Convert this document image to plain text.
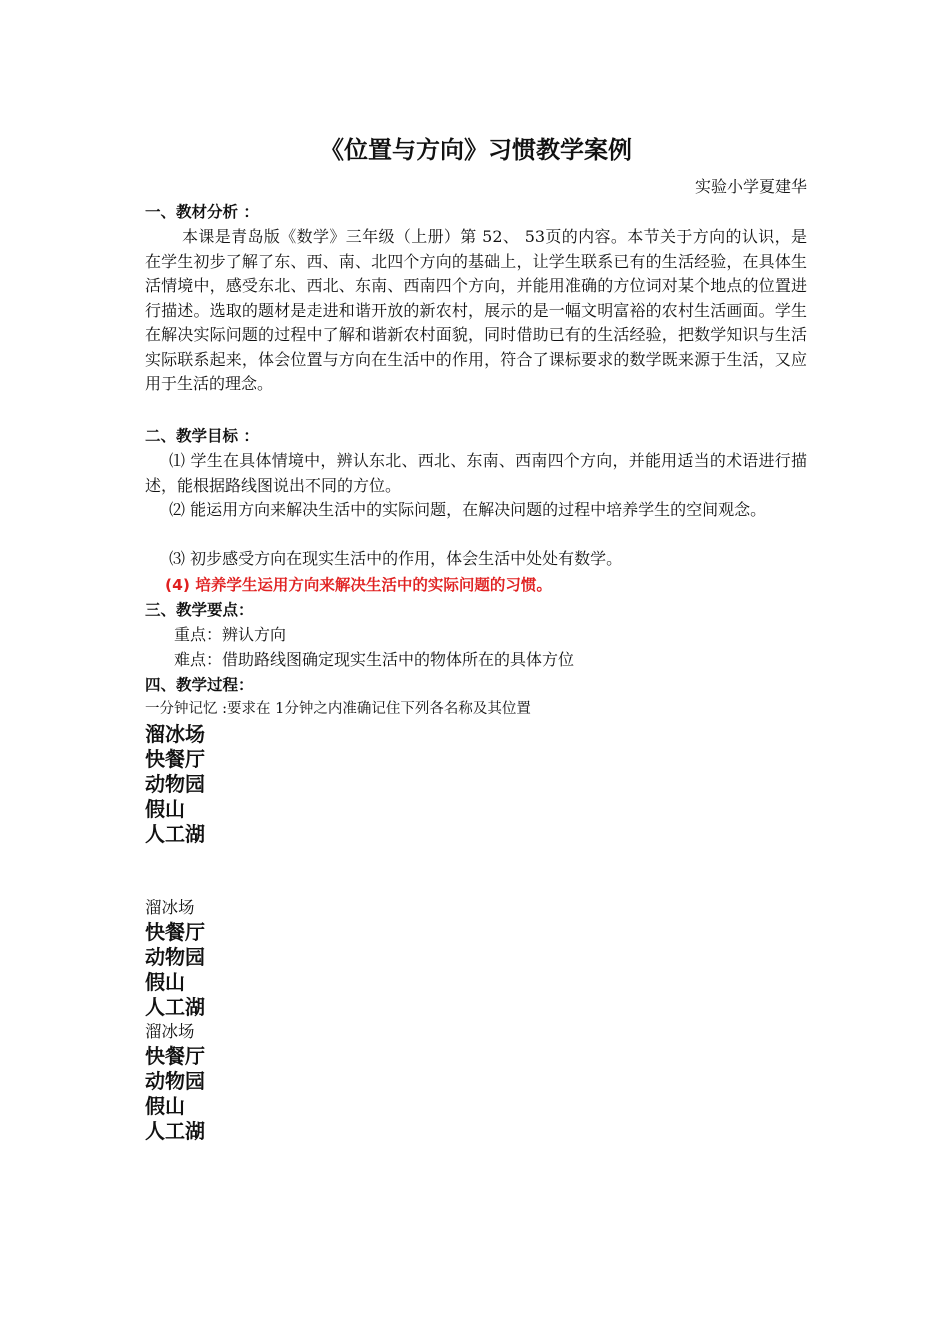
《位置与方向》习惯教学案例
实验小学夏建华
一、教材分析 ：
本课是青岛版《数学》三年级（上册）第 52、 53页的内容。本节关于方向的认识，是在学生初步了解了东、西、南、北四个方向的基础上，让学生联系已有的生活经验，在具体生活情境中，感受东北、西北、东南、西南四个方向，并能用准确的方位词对某个地点的位置进行描述。选取的题材是走进和谐开放的新农村，展示的是一幅文明富裕的农村生活画面。学生在解决实际问题的过程中了解和谐新农村面貌，同时借助已有的生活经验，把数学知识与生活实际联系起来，体会位置与方向在生活中的作用，符合了课标要求的数学既来源于生活，又应用于生活的理念。
二、教学目标 ：
⑴ 学生在具体情境中，辨认东北、西北、东南、西南四个方向，并能用适当的术语进行描述，能根据路线图说出不同的方位。
⑵ 能运用方向来解决生活中的实际问题，在解决问题的过程中培养学生的空间观念。
⑶ 初步感受方向在现实生活中的作用，体会生活中处处有数学。
(4) 培养学生运用方向来解决生活中的实际问题的习惯。
三、教学要点：
重点：辨认方向
难点：借助路线图确定现实生活中的物体所在的具体方位
四、教学过程：
一分钟记忆 :要求在 1分钟之内准确记住下列各名称及其位置
溜冰场
快餐厅
动物园
假山
人工湖
溜冰场
快餐厅
动物园
假山
人工湖
溜冰场
快餐厅
动物园
假山
人工湖
